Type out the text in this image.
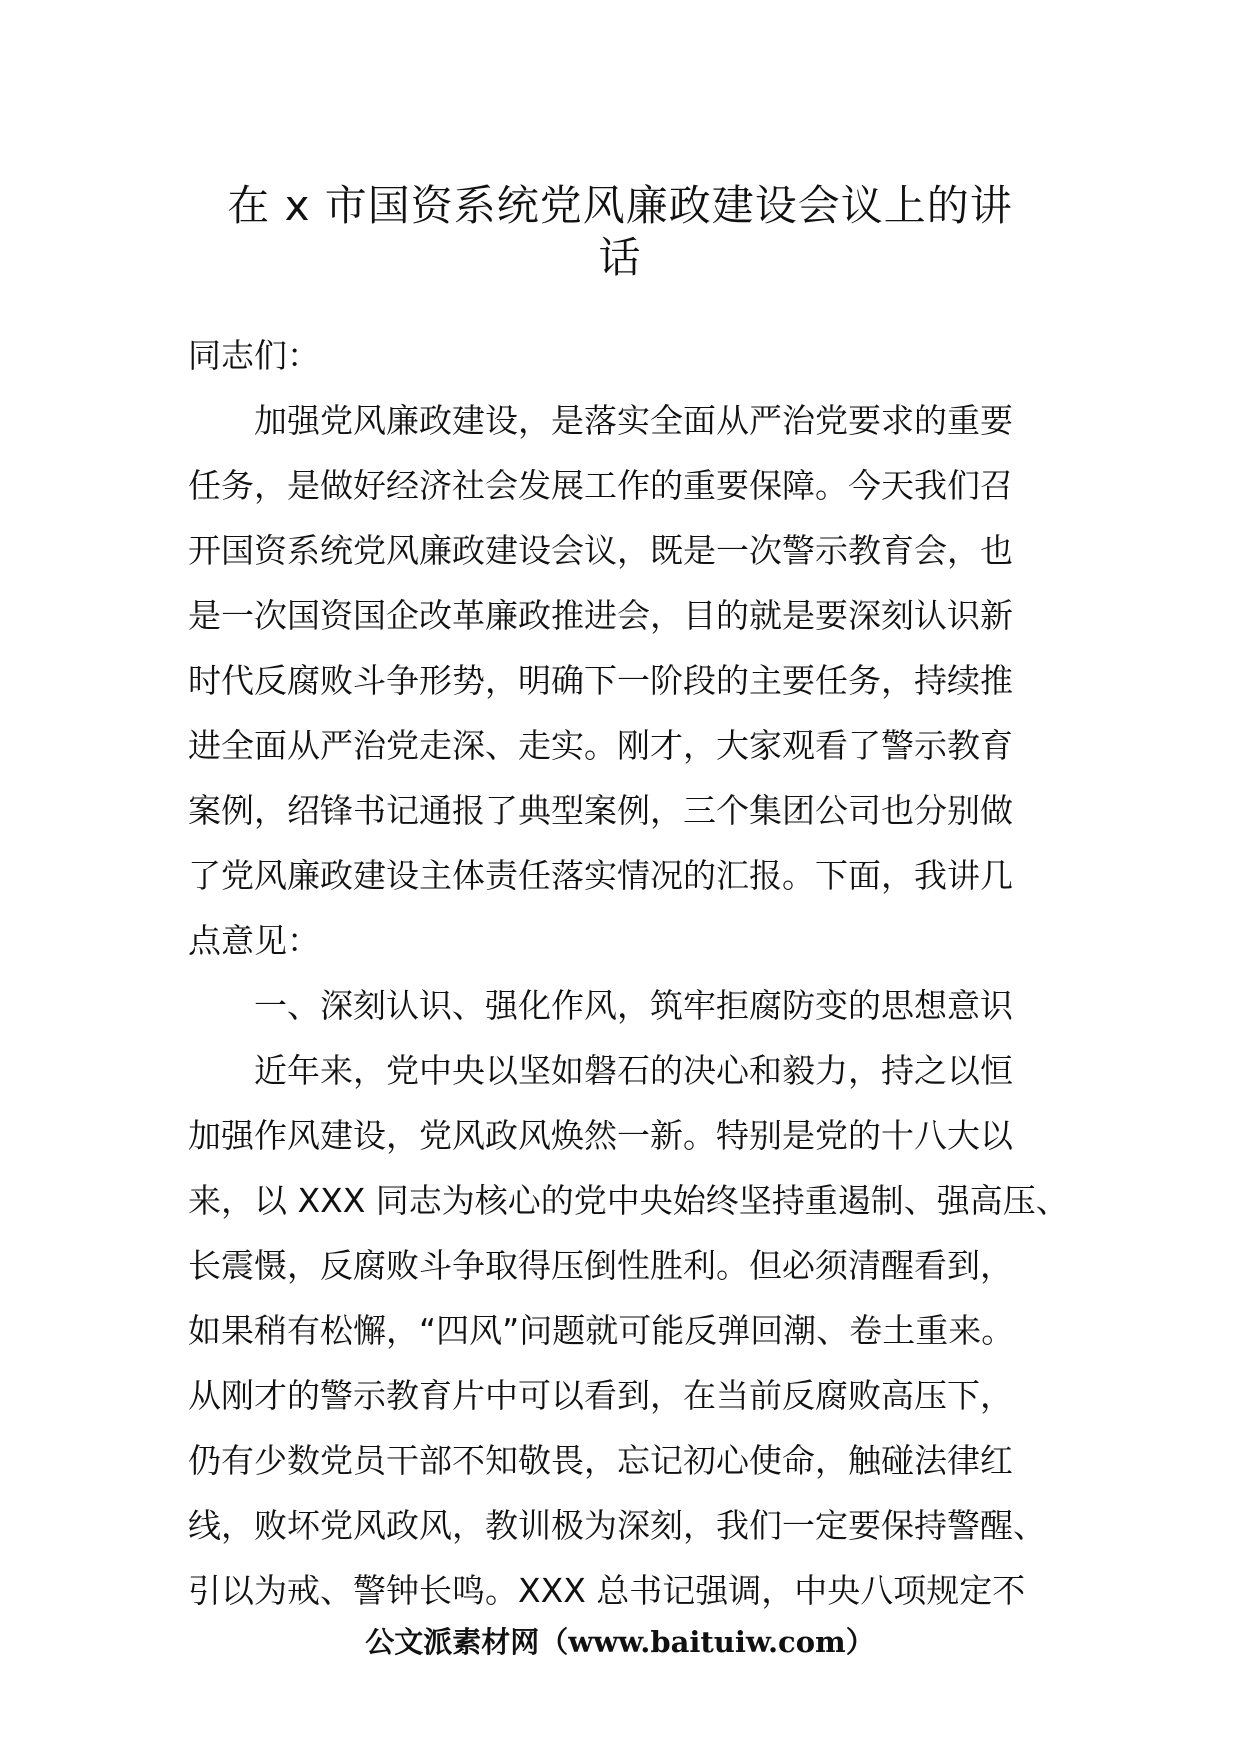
在 x 市国资系统党风廉政建设会议上的讲
话
同志们：
加强党风廉政建设，是落实全面从严治党要求的重要
任务，是做好经济社会发展工作的重要保障。今天我们召
开国资系统党风廉政建设会议，既是一次警示教育会，也
是一次国资国企改革廉政推进会，目的就是要深刻认识新
时代反腐败斗争形势，明确下一阶段的主要任务，持续推
进全面从严治党走深、走实。刚才，大家观看了警示教育
案例，绍锋书记通报了典型案例，三个集团公司也分别做
了党风廉政建设主体责任落实情况的汇报。下面，我讲几
点意见：
一、深刻认识、强化作风，筑牢拒腐防变的思想意识
近年来，党中央以坚如磐石的决心和毅力，持之以恒
加强作风建设，党风政风焕然一新。特别是党的十八大以
来，以 XXX 同志为核心的党中央始终坚持重遏制、强高压、
长震慑，反腐败斗争取得压倒性胜利。但必须清醒看到，
如果稍有松懈，“四风”问题就可能反弹回潮、卷土重来。
从刚才的警示教育片中可以看到，在当前反腐败高压下，
仍有少数党员干部不知敬畏，忘记初心使命，触碰法律红
线，败坏党风政风，教训极为深刻，我们一定要保持警醒、
引以为戒、警钟长鸣。XXX 总书记强调，中央八项规定不
公文派素材网（www.baituiw.com）
